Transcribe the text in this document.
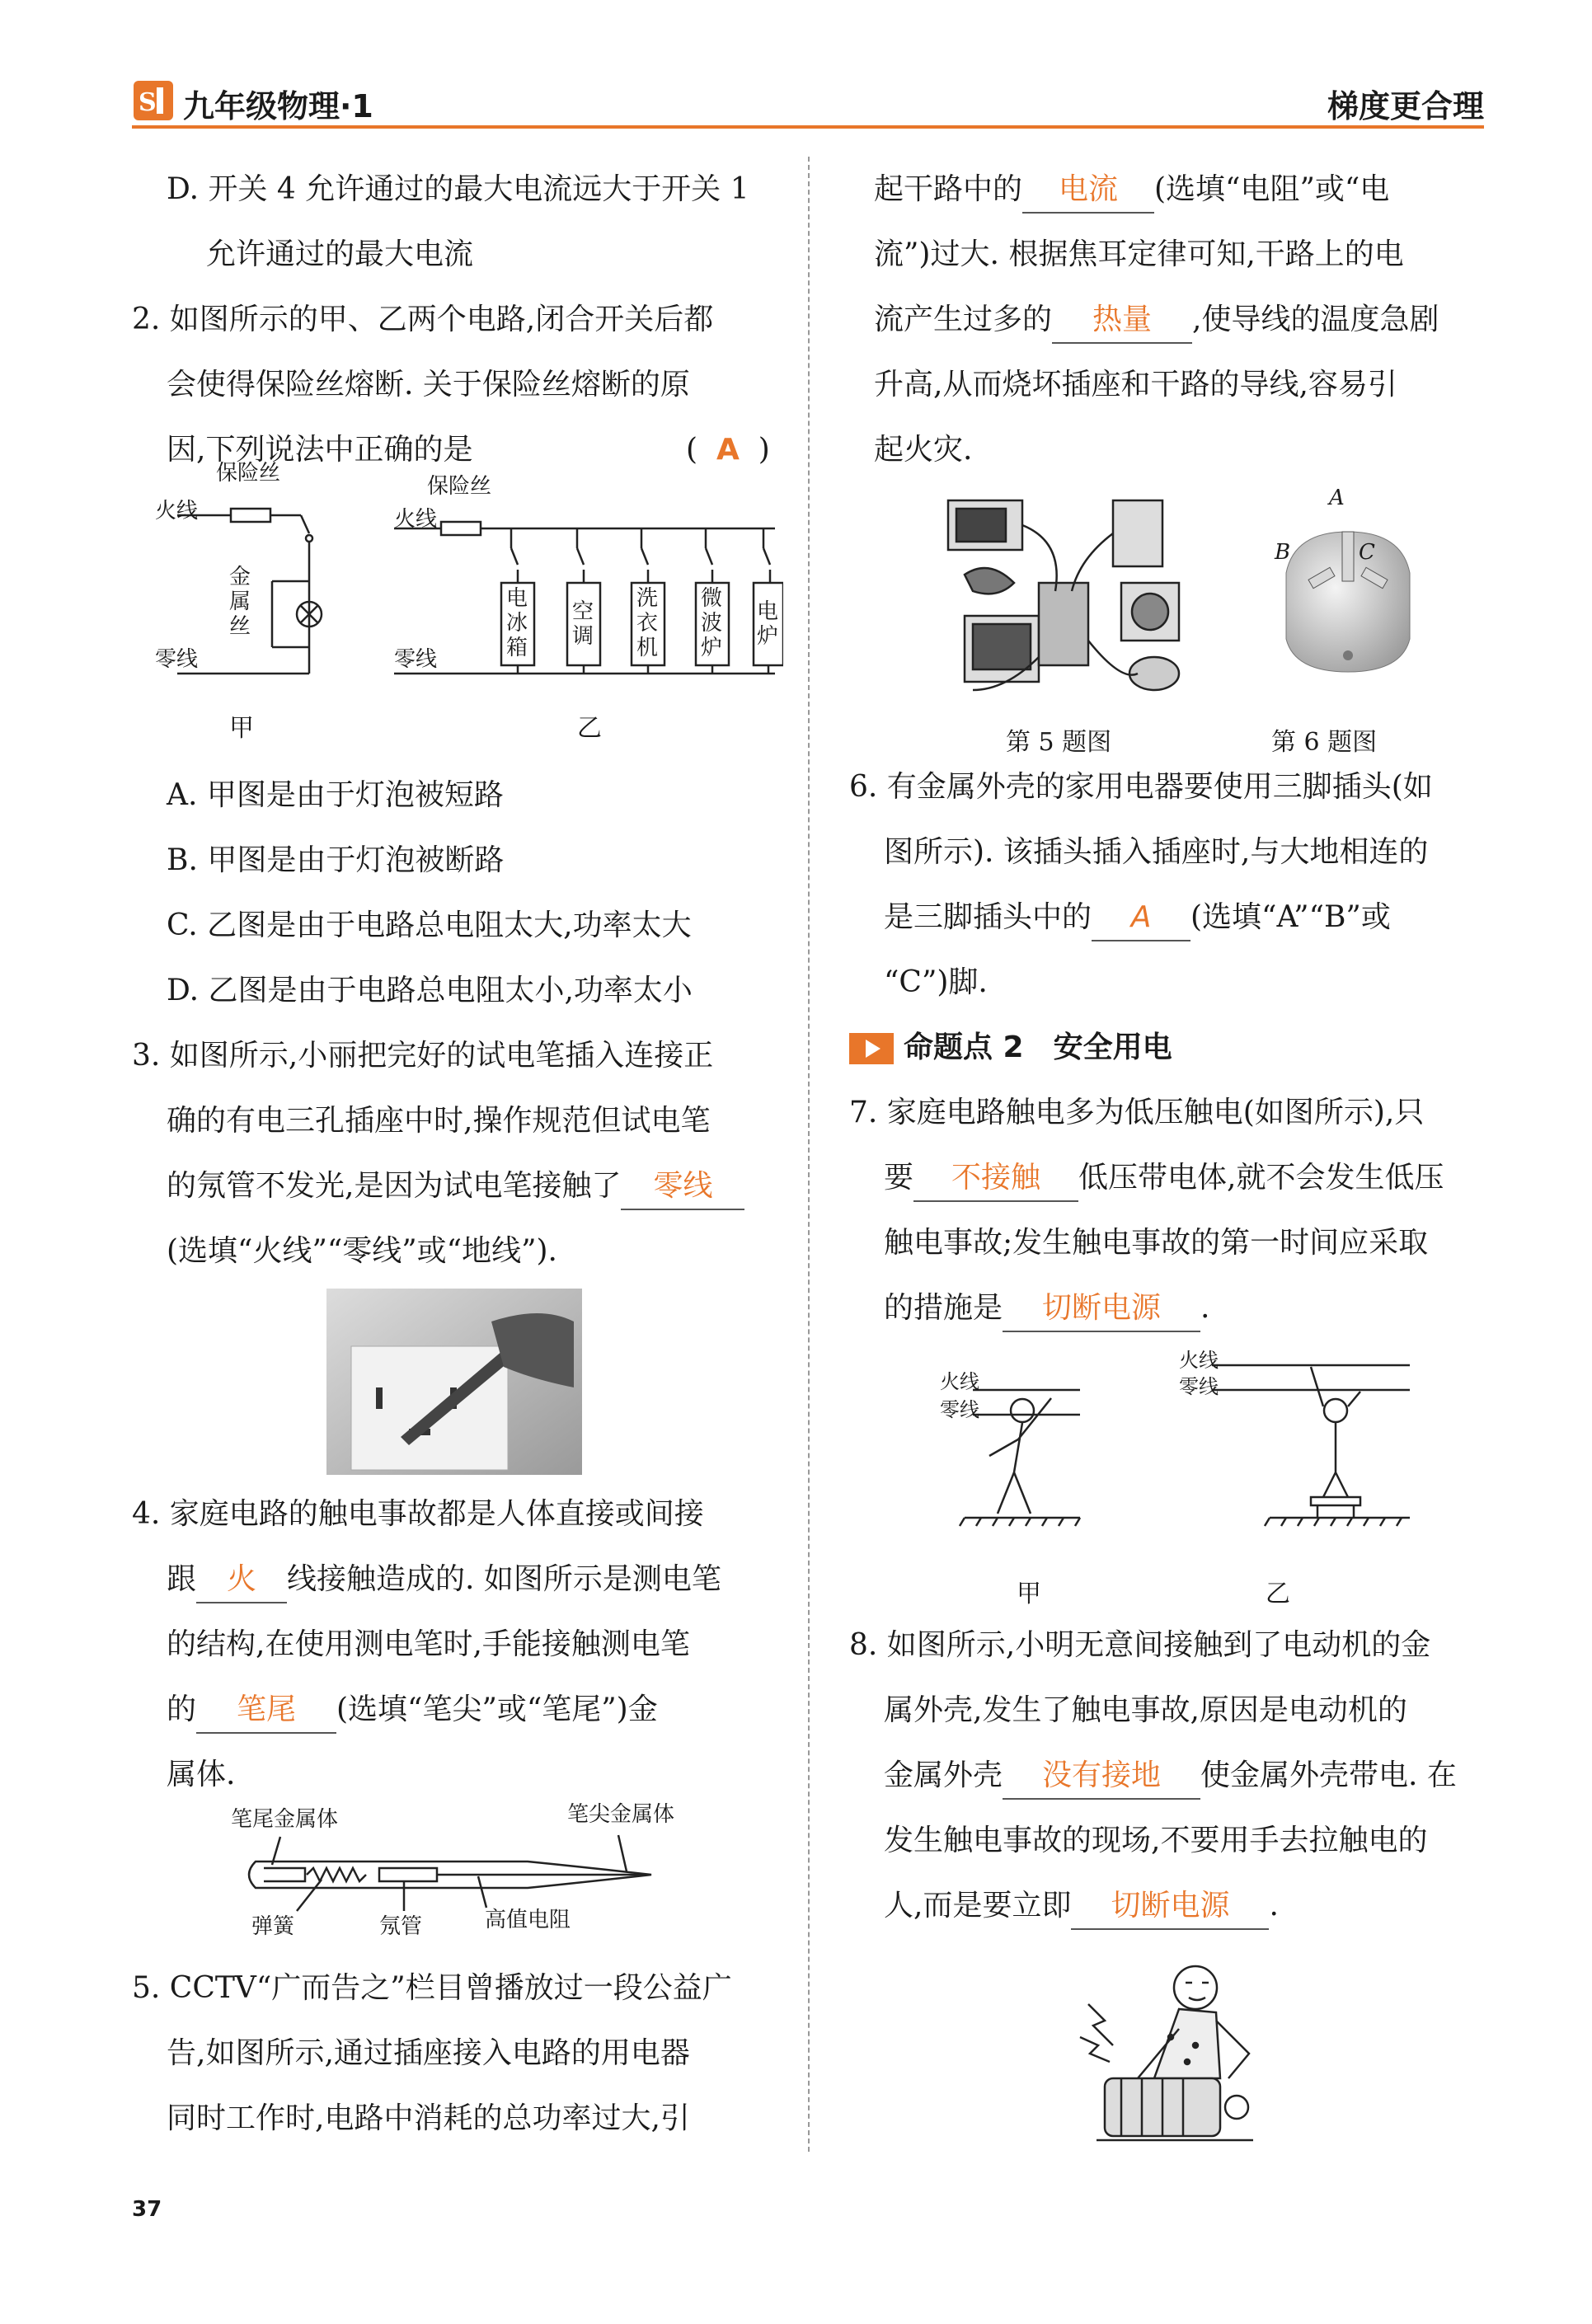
S 九年级物理·1	梯度更合理

D. 开关 4 允许通过的最大电流远大于开关 1

允许通过的最大电流

2. 如图所示的甲、乙两个电路,闭合开关后都

会使得保险丝熔断. 关于保险丝熔断的原

因,下列说法中正确的是	( A )

保险丝
火线
零线
金
属
丝
甲
保险丝
火线
零线
电
冰
箱
空
调
洗
衣
机
微
波
炉
电
炉
乙

A. 甲图是由于灯泡被短路

B. 甲图是由于灯泡被断路

C. 乙图是由于电路总电阻太大,功率太大

D. 乙图是由于电路总电阻太小,功率太小

3. 如图所示,小丽把完好的试电笔插入连接正

确的有电三孔插座中时,操作规范但试电笔

的氖管不发光,是因为试电笔接触了 零线

(选填“火线”“零线”或“地线”).

4. 家庭电路的触电事故都是人体直接或间接

跟 火 线接触造成的. 如图所示是测电笔

的结构,在使用测电笔时,手能接触测电笔

的 笔尾 (选填“笔尖”或“笔尾”)金

属体.

笔尾金属体	笔尖金属体
弹簧	氖管	高值电阻

5. CCTV“广而告之”栏目曾播放过一段公益广

告,如图所示,通过插座接入电路的用电器

同时工作时,电路中消耗的总功率过大,引

起干路中的 电流 (选填“电阻”或“电

流”)过大. 根据焦耳定律可知,干路上的电

流产生过多的 热量 ,使导线的温度急剧

升高,从而烧坏插座和干路的导线,容易引

起火灾.

A
B	C
第 5 题图	第 6 题图

6. 有金属外壳的家用电器要使用三脚插头(如

图所示). 该插头插入插座时,与大地相连的

是三脚插头中的 A (选填“A”“B”或

“C”)脚.

命题点 2　安全用电

7. 家庭电路触电多为低压触电(如图所示),只

要 不接触 低压带电体,就不会发生低压

触电事故;发生触电事故的第一时间应采取

的措施是 切断电源 .

火线
零线
火线
零线
甲	乙

8. 如图所示,小明无意间接触到了电动机的金

属外壳,发生了触电事故,原因是电动机的

金属外壳 没有接地 使金属外壳带电. 在

发生触电事故的现场,不要用手去拉触电的

人,而是要立即 切断电源 .

37
